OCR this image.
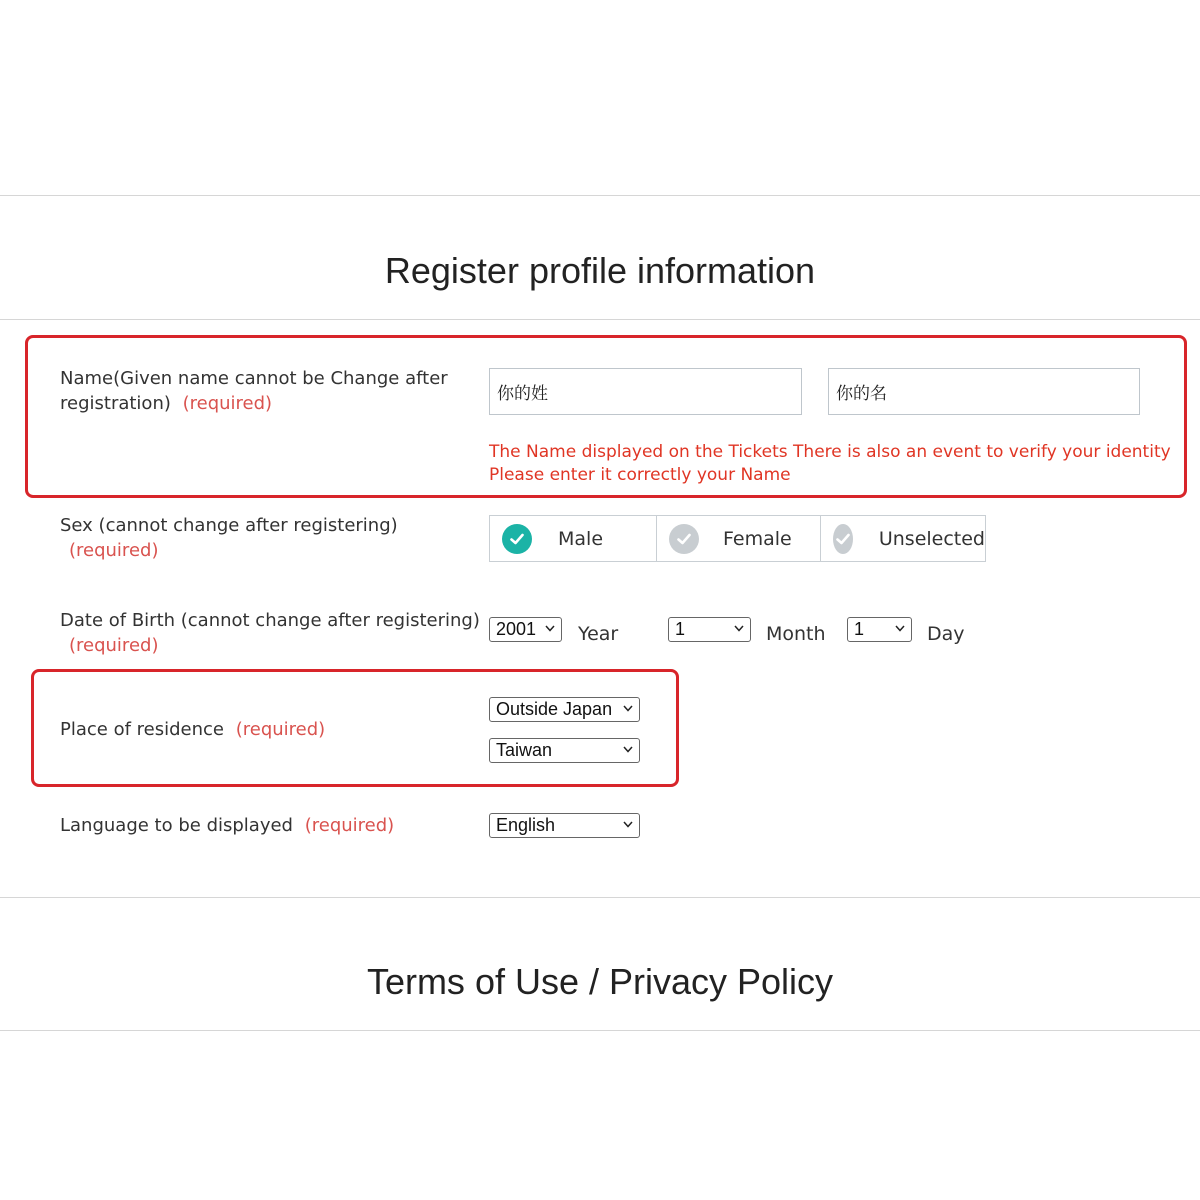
Register profile information
Name(Given name cannot be Change after registration) (required)
你的姓
你的名
The Name displayed on the Tickets There is also an event to verify your identity
Please enter it correctly your Name
Sex (cannot change after registering)
(required)
Male	Female	Unselected
Date of Birth (cannot change after registering)
(required)
2001	Year	1	Month	1	Day
Place of residence (required)
Outside Japan
Taiwan
Language to be displayed (required)	English
Terms of Use / Privacy Policy
